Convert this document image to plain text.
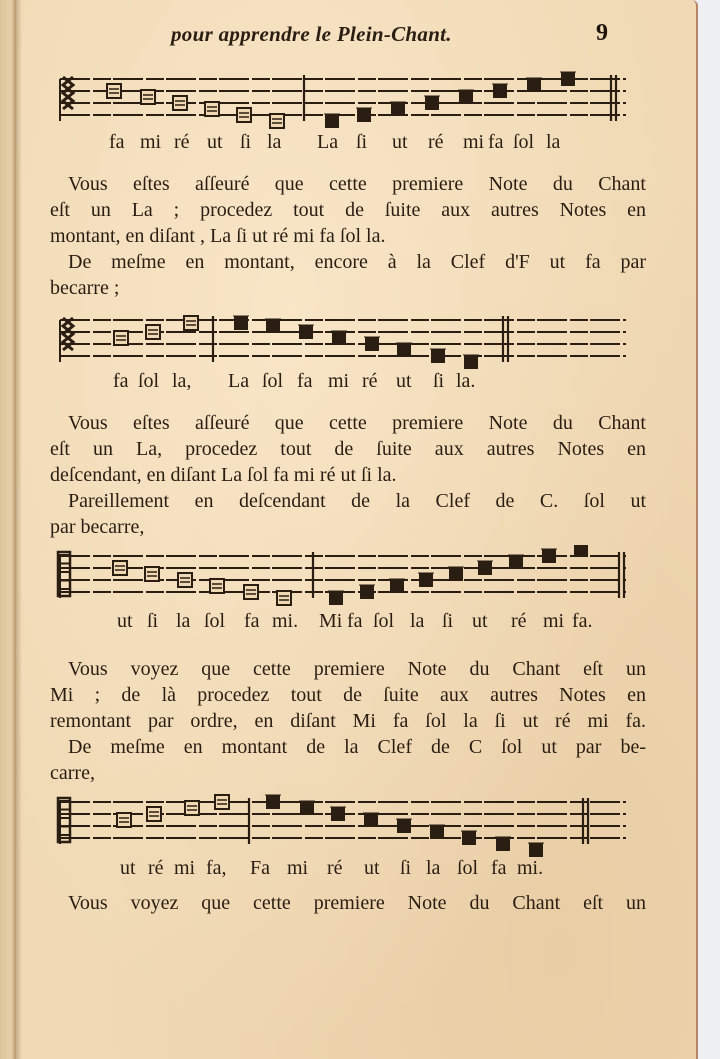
pour apprendre le Plein-Chant.	9
fa mi ré ut ſi la La ſi ut ré mi fa ſol la
fa ſol la, La ſol fa mi ré ut ſi la.
ut ſi la ſol fa mi. Mi fa ſol la ſi ut ré mi fa.
ut ré mi fa, Fa mi ré ut ſi la ſol fa mi.
Vous eſtes aſſeuré que cette premiere Note du Chant
eſt un La ; procedez tout de ſuite aux autres Notes en
montant, en diſant , La ſi ut ré mi fa ſol la.
De meſme en montant, encore à la Clef d'F ut fa par
becarre ;
Vous eſtes aſſeuré que cette premiere Note du Chant
eſt un La, procedez tout de ſuite aux autres Notes en
deſcendant, en diſant La ſol fa mi ré ut ſi la.
Pareillement en deſcendant de la Clef de C. ſol ut
par becarre,
Vous voyez que cette premiere Note du Chant eſt un
Mi ; de là procedez tout de ſuite aux autres Notes en
remontant par ordre, en diſant Mi fa ſol la ſi ut ré mi fa.
De meſme en montant de la Clef de C ſol ut par be-
carre,
Vous voyez que cette premiere Note du Chant eſt un
